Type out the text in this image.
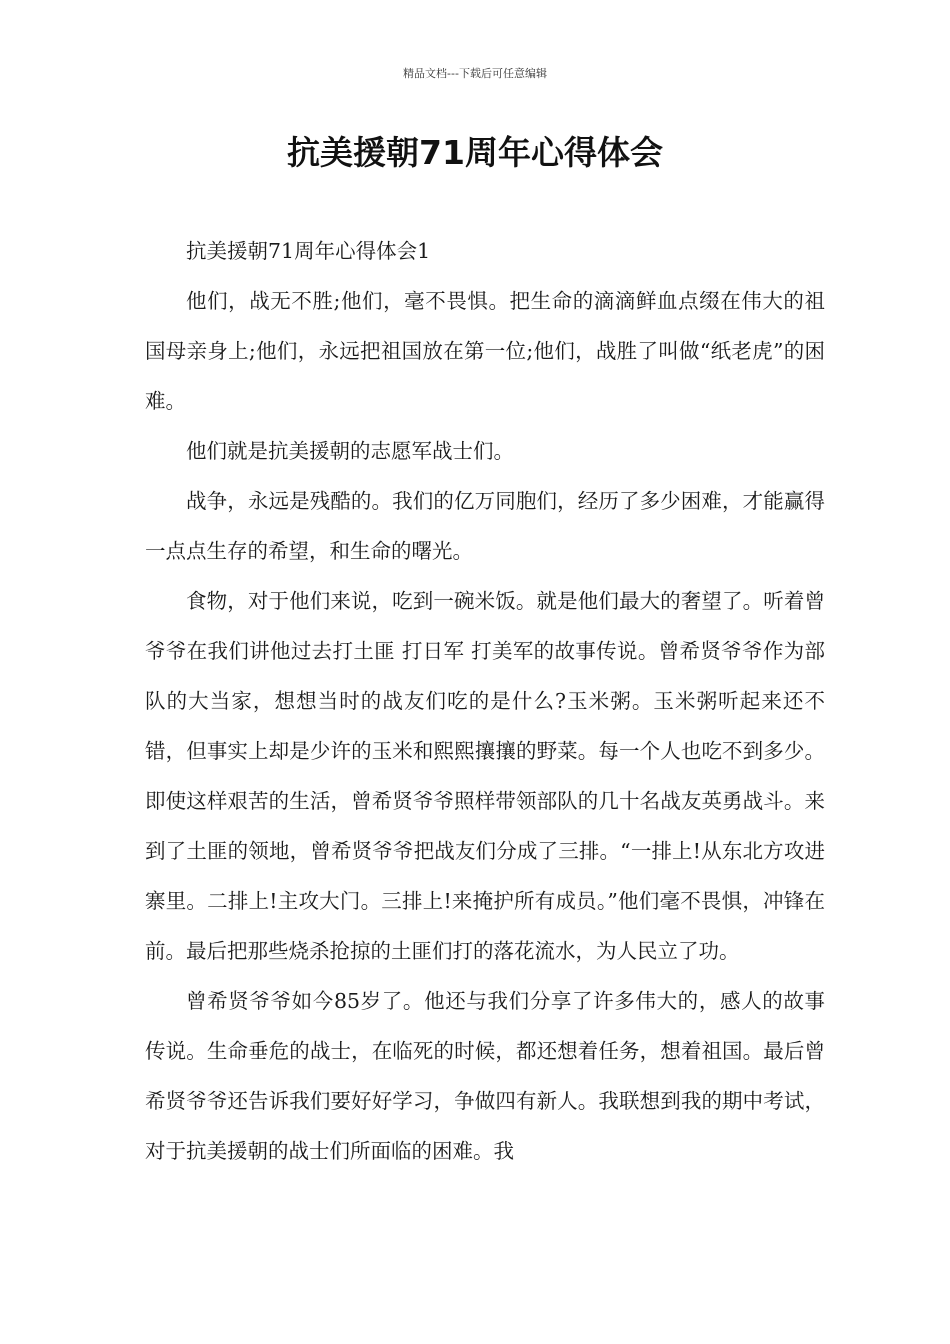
精品文档---下载后可任意编辑
抗美援朝71周年心得体会

抗美援朝71周年心得体会1

他们，战无不胜;他们，毫不畏惧。把生命的滴滴鲜血点缀在伟大的祖国母亲身上;他们，永远把祖国放在第一位;他们，战胜了叫做“纸老虎”的困难。

他们就是抗美援朝的志愿军战士们。

战争，永远是残酷的。我们的亿万同胞们，经历了多少困难，才能赢得一点点生存的希望，和生命的曙光。

食物，对于他们来说，吃到一碗米饭。就是他们最大的奢望了。听着曾爷爷在我们讲他过去打土匪 打日军 打美军的故事传说。曾希贤爷爷作为部队的大当家，想想当时的战友们吃的是什么?玉米粥。玉米粥听起来还不错，但事实上却是少许的玉米和熙熙攘攘的野菜。每一个人也吃不到多少。即使这样艰苦的生活，曾希贤爷爷照样带领部队的几十名战友英勇战斗。来到了土匪的领地，曾希贤爷爷把战友们分成了三排。“一排上!从东北方攻进寨里。二排上!主攻大门。三排上!来掩护所有成员。”他们毫不畏惧，冲锋在前。最后把那些烧杀抢掠的土匪们打的落花流水，为人民立了功。

曾希贤爷爷如今85岁了。他还与我们分享了许多伟大的，感人的故事传说。生命垂危的战士，在临死的时候，都还想着任务，想着祖国。最后曾希贤爷爷还告诉我们要好好学习，争做四有新人。我联想到我的期中考试，对于抗美援朝的战士们所面临的困难。我
